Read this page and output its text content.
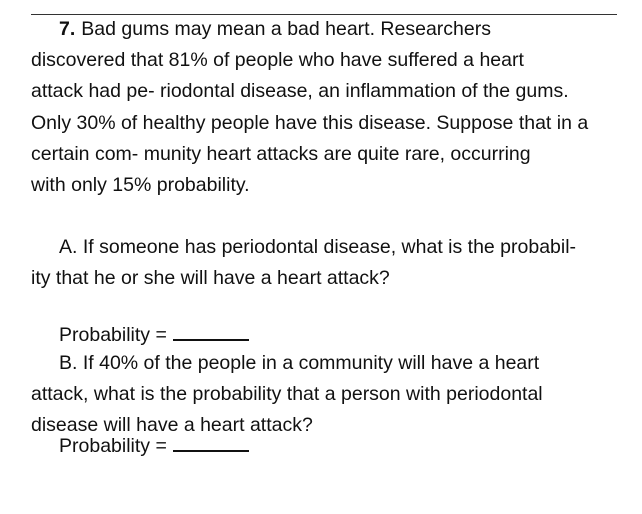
7. Bad gums may mean a bad heart. Researchers
discovered that 81% of people who have suffered a heart
attack had pe- riodontal disease, an inflammation of the gums.
Only 30% of healthy people have this disease. Suppose that in a
certain com- munity heart attacks are quite rare, occurring
with only 15% probability.
A. If someone has periodontal disease, what is the probabil-
ity that he or she will have a heart attack?
Probability =
B. If 40% of the people in a community will have a heart
attack, what is the probability that a person with periodontal
disease will have a heart attack?
Probability =
